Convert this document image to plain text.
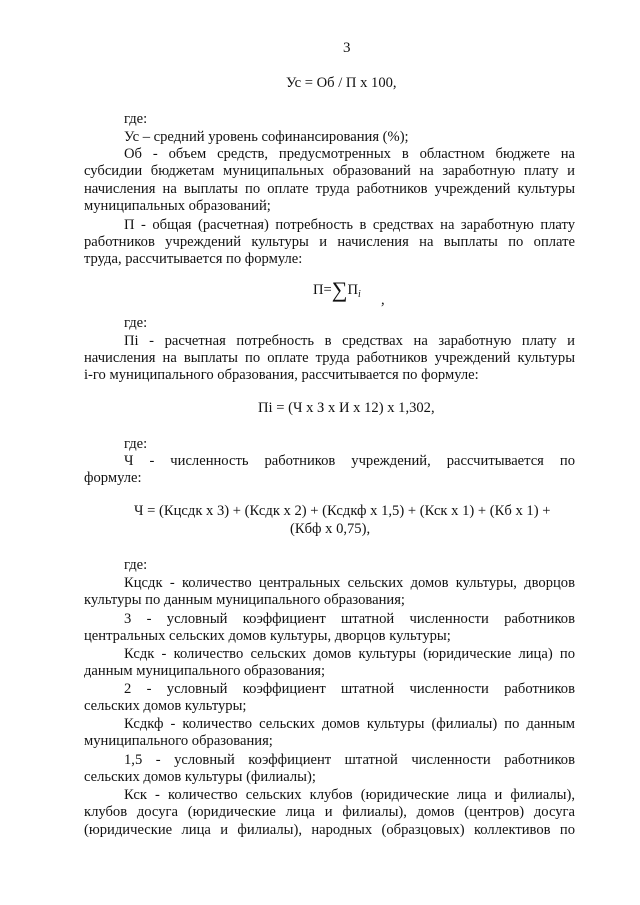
3
Ус = Об / П х 100,
где:
Ус – средний уровень софинансирования (%);
Об - объем средств, предусмотренных в областном бюджете на
субсидии бюджетам муниципальных образований на заработную плату и
начисления на выплаты по оплате труда работников учреждений культуры
муниципальных образований;
П - общая (расчетная) потребность в средствах на заработную плату
работников учреждений культуры и начисления на выплаты по оплате
труда, рассчитывается по формуле:
$П=\sum П_i$ ,
где:
Пi - расчетная потребность в средствах на заработную плату и
начисления на выплаты по оплате труда работников учреждений культуры
i-го муниципального образования, рассчитывается по формуле:
Пi = (Ч х З х И х 12) х 1,302,
где:
Ч - численность работников учреждений, рассчитывается по
формуле:
Ч = (Кцсдк х 3) + (Ксдк х 2) + (Ксдкф х 1,5) + (Кск х 1) + (Кб х 1) +
(Кбф х 0,75),
где:
Кцсдк - количество центральных сельских домов культуры, дворцов
культуры по данным муниципального образования;
3 - условный коэффициент штатной численности работников
центральных сельских домов культуры, дворцов культуры;
Ксдк - количество сельских домов культуры (юридические лица) по
данным муниципального образования;
2 - условный коэффициент штатной численности работников
сельских домов культуры;
Ксдкф - количество сельских домов культуры (филиалы) по данным
муниципального образования;
1,5 - условный коэффициент штатной численности работников
сельских домов культуры (филиалы);
Кск - количество сельских клубов (юридические лица и филиалы),
клубов досуга (юридические лица и филиалы), домов (центров) досуга
(юридические лица и филиалы), народных (образцовых) коллективов по
